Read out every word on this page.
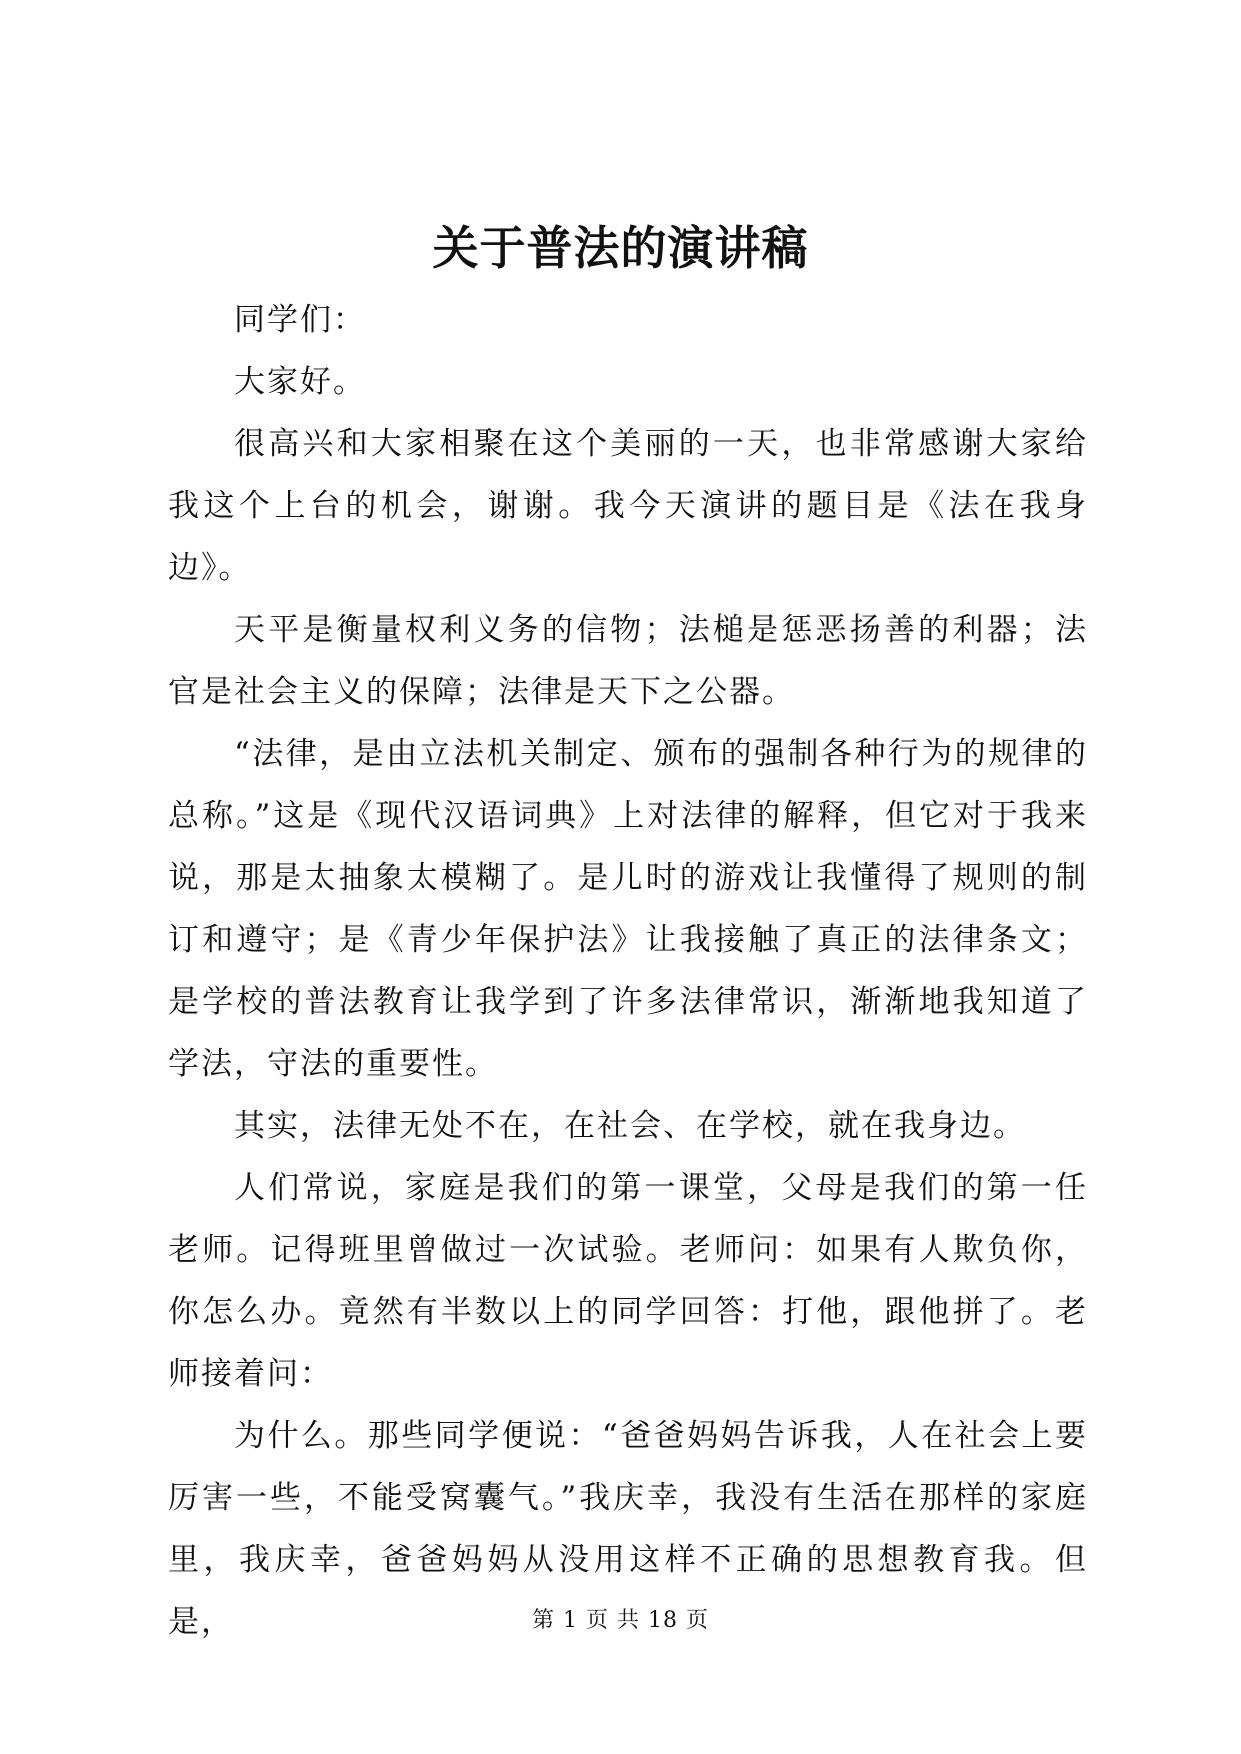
关于普法的演讲稿

同学们：

大家好。

很高兴和大家相聚在这个美丽的一天，也非常感谢大家给我这个上台的机会，谢谢。我今天演讲的题目是《法在我身边》。

天平是衡量权利义务的信物；法槌是惩恶扬善的利器；法官是社会主义的保障；法律是天下之公器。

“法律，是由立法机关制定、颁布的强制各种行为的规律的总称。”这是《现代汉语词典》上对法律的解释，但它对于我来说，那是太抽象太模糊了。是儿时的游戏让我懂得了规则的制订和遵守；是《青少年保护法》让我接触了真正的法律条文；是学校的普法教育让我学到了许多法律常识，渐渐地我知道了学法，守法的重要性。

其实，法律无处不在，在社会、在学校，就在我身边。

人们常说，家庭是我们的第一课堂，父母是我们的第一任老师。记得班里曾做过一次试验。老师问：如果有人欺负你，你怎么办。竟然有半数以上的同学回答：打他，跟他拼了。老师接着问：

为什么。那些同学便说：“爸爸妈妈告诉我，人在社会上要厉害一些，不能受窝囊气。”我庆幸，我没有生活在那样的家庭里，我庆幸，爸爸妈妈从没用这样不正确的思想教育我。但是，	第 1 页 共 18 页
